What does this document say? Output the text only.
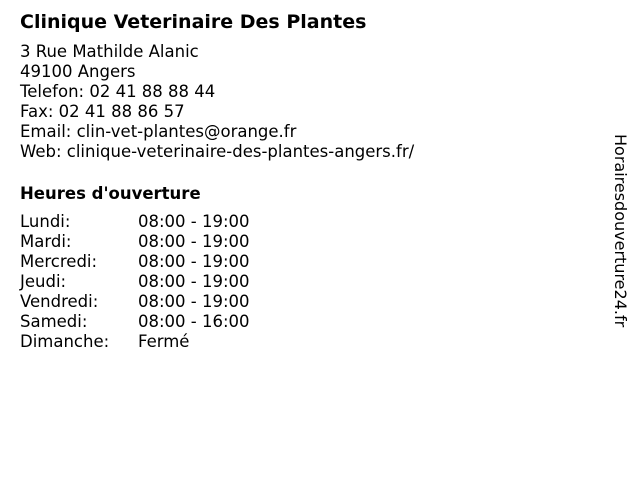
Clinique Veterinaire Des Plantes
3 Rue Mathilde Alanic
49100 Angers
Telefon: 02 41 88 88 44
Fax: 02 41 88 86 57
Email: clin-vet-plantes@orange.fr
Web: clinique-veterinaire-des-plantes-angers.fr/
Heures d'ouverture
Lundi:	08:00 - 19:00
Mardi:	08:00 - 19:00
Mercredi:	08:00 - 19:00
Jeudi:	08:00 - 19:00
Vendredi:	08:00 - 19:00
Samedi:	08:00 - 16:00
Dimanche:	Fermé
Horairesdouverture24.fr
